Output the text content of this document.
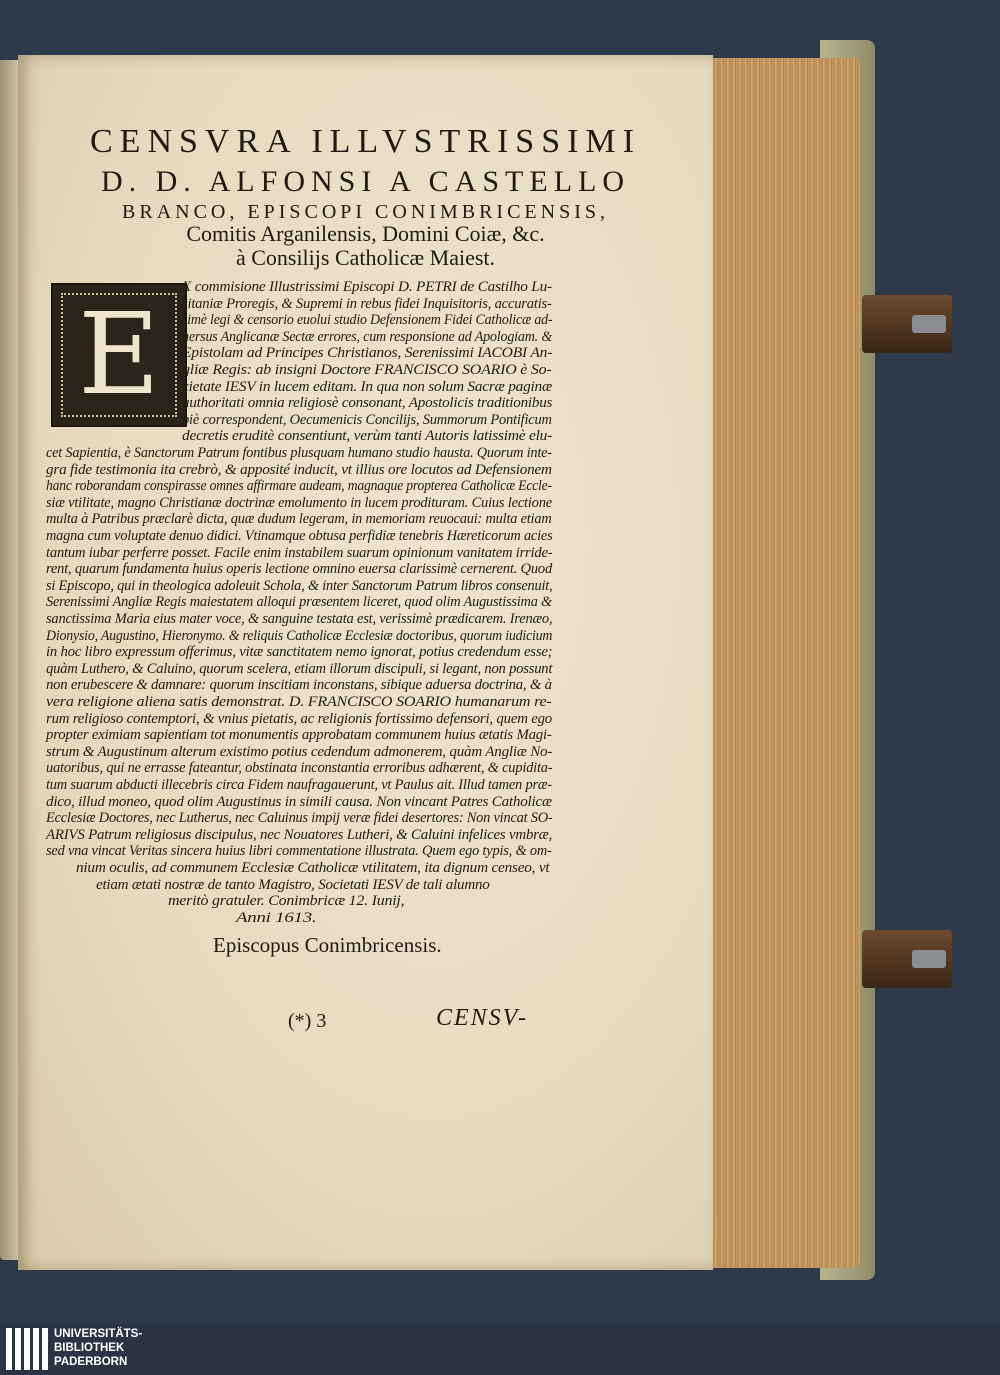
CENSVRA ILLVSTRISSIMI
D. D. ALFONSI A CASTELLO
BRANCO, EPISCOPI CONIMBRICENSIS,
Comitis Arganilensis, Domini Coiæ, &c.
à Consilijs Catholicæ Maiest.
E
X commisione Illustrissimi Episcopi D. PETRI de Castilho Lu-
sitaniæ Proregis, & Supremi in rebus fidei Inquisitoris, accuratis-
simè legi & censorio euolui studio Defensionem Fidei Catholicæ ad-
uersus Anglicanæ Sectæ errores, cum responsione ad Apologiam. &
Epistolam ad Principes Christianos, Serenissimi IACOBI An-
gliæ Regis: ab insigni Doctore FRANCISCO SOARIO è So-
cietate IESV in lucem editam. In qua non solum Sacræ paginæ
authoritati omnia religiosè consonant, Apostolicis traditionibus
piè correspondent, Oecumenicis Concilijs, Summorum Pontificum
decretis eruditè consentiunt, verùm tanti Autoris latissimè elu-
cet Sapientia, è Sanctorum Patrum fontibus plusquam humano studio hausta. Quorum inte-
gra fide testimonia ita crebrò, & apposité inducit, vt illius ore locutos ad Defensionem
hanc roborandam conspirasse omnes affirmare audeam, magnaque propterea Catholicæ Eccle-
siæ vtilitate, magno Christianæ doctrinæ emolumento in lucem prodituram. Cuius lectione
multa à Patribus præclarè dicta, quæ dudum legeram, in memoriam reuocaui: multa etiam
magna cum voluptate denuo didici. Vtinamque obtusa perfidiæ tenebris Hæreticorum acies
tantum iubar perferre posset. Facile enim instabilem suarum opinionum vanitatem irride-
rent, quarum fundamenta huius operis lectione omnino euersa clarissimè cernerent. Quod
si Episcopo, qui in theologica adoleuit Schola, & inter Sanctorum Patrum libros consenuit,
Serenissimi Angliæ Regis maiestatem alloqui præsentem liceret, quod olim Augustissima &
sanctissima Maria eius mater voce, & sanguine testata est, verissimè prædicarem. Irenæo,
Dionysio, Augustino, Hieronymo. & reliquis Catholicæ Ecclesiæ doctoribus, quorum iudicium
in hoc libro expressum offerimus, vitæ sanctitatem nemo ignorat, potius credendum esse;
quàm Luthero, & Caluino, quorum scelera, etiam illorum discipuli, si legant, non possunt
non erubescere & damnare: quorum inscitiam inconstans, sibique aduersa doctrina, & à
vera religione aliena satis demonstrat. D. FRANCISCO SOARIO humanarum re-
rum religioso contemptori, & vnius pietatis, ac religionis fortissimo defensori, quem ego
propter eximiam sapientiam tot monumentis approbatam communem huius ætatis Magi-
strum & Augustinum alterum existimo potius cedendum admonerem, quàm Angliæ No-
uatoribus, qui ne errasse fateantur, obstinata inconstantia erroribus adhærent, & cupidita-
tum suarum abducti illecebris circa Fidem naufragauerunt, vt Paulus ait. Illud tamen præ-
dico, illud moneo, quod olim Augustinus in simili causa. Non vincant Patres Catholicæ
Ecclesiæ Doctores, nec Lutherus, nec Caluinus impij veræ fidei desertores: Non vincat SO-
ARIVS Patrum religiosus discipulus, nec Nouatores Lutheri, & Caluini infelices vmbræ,
sed vna vincat Veritas sincera huius libri commentatione illustrata. Quem ego typis, & om-
nium oculis, ad communem Ecclesiæ Catholicæ vtilitatem, ita dignum censeo, vt
etiam ætati nostræ de tanto Magistro, Societati IESV de tali alumno
meritò gratuler. Conimbricæ 12. Iunij,
Anni 1613.
Episcopus Conimbricensis.
(*) 3	CENSV-
UNIVERSITÄTS-
BIBLIOTHEK
PADERBORN
